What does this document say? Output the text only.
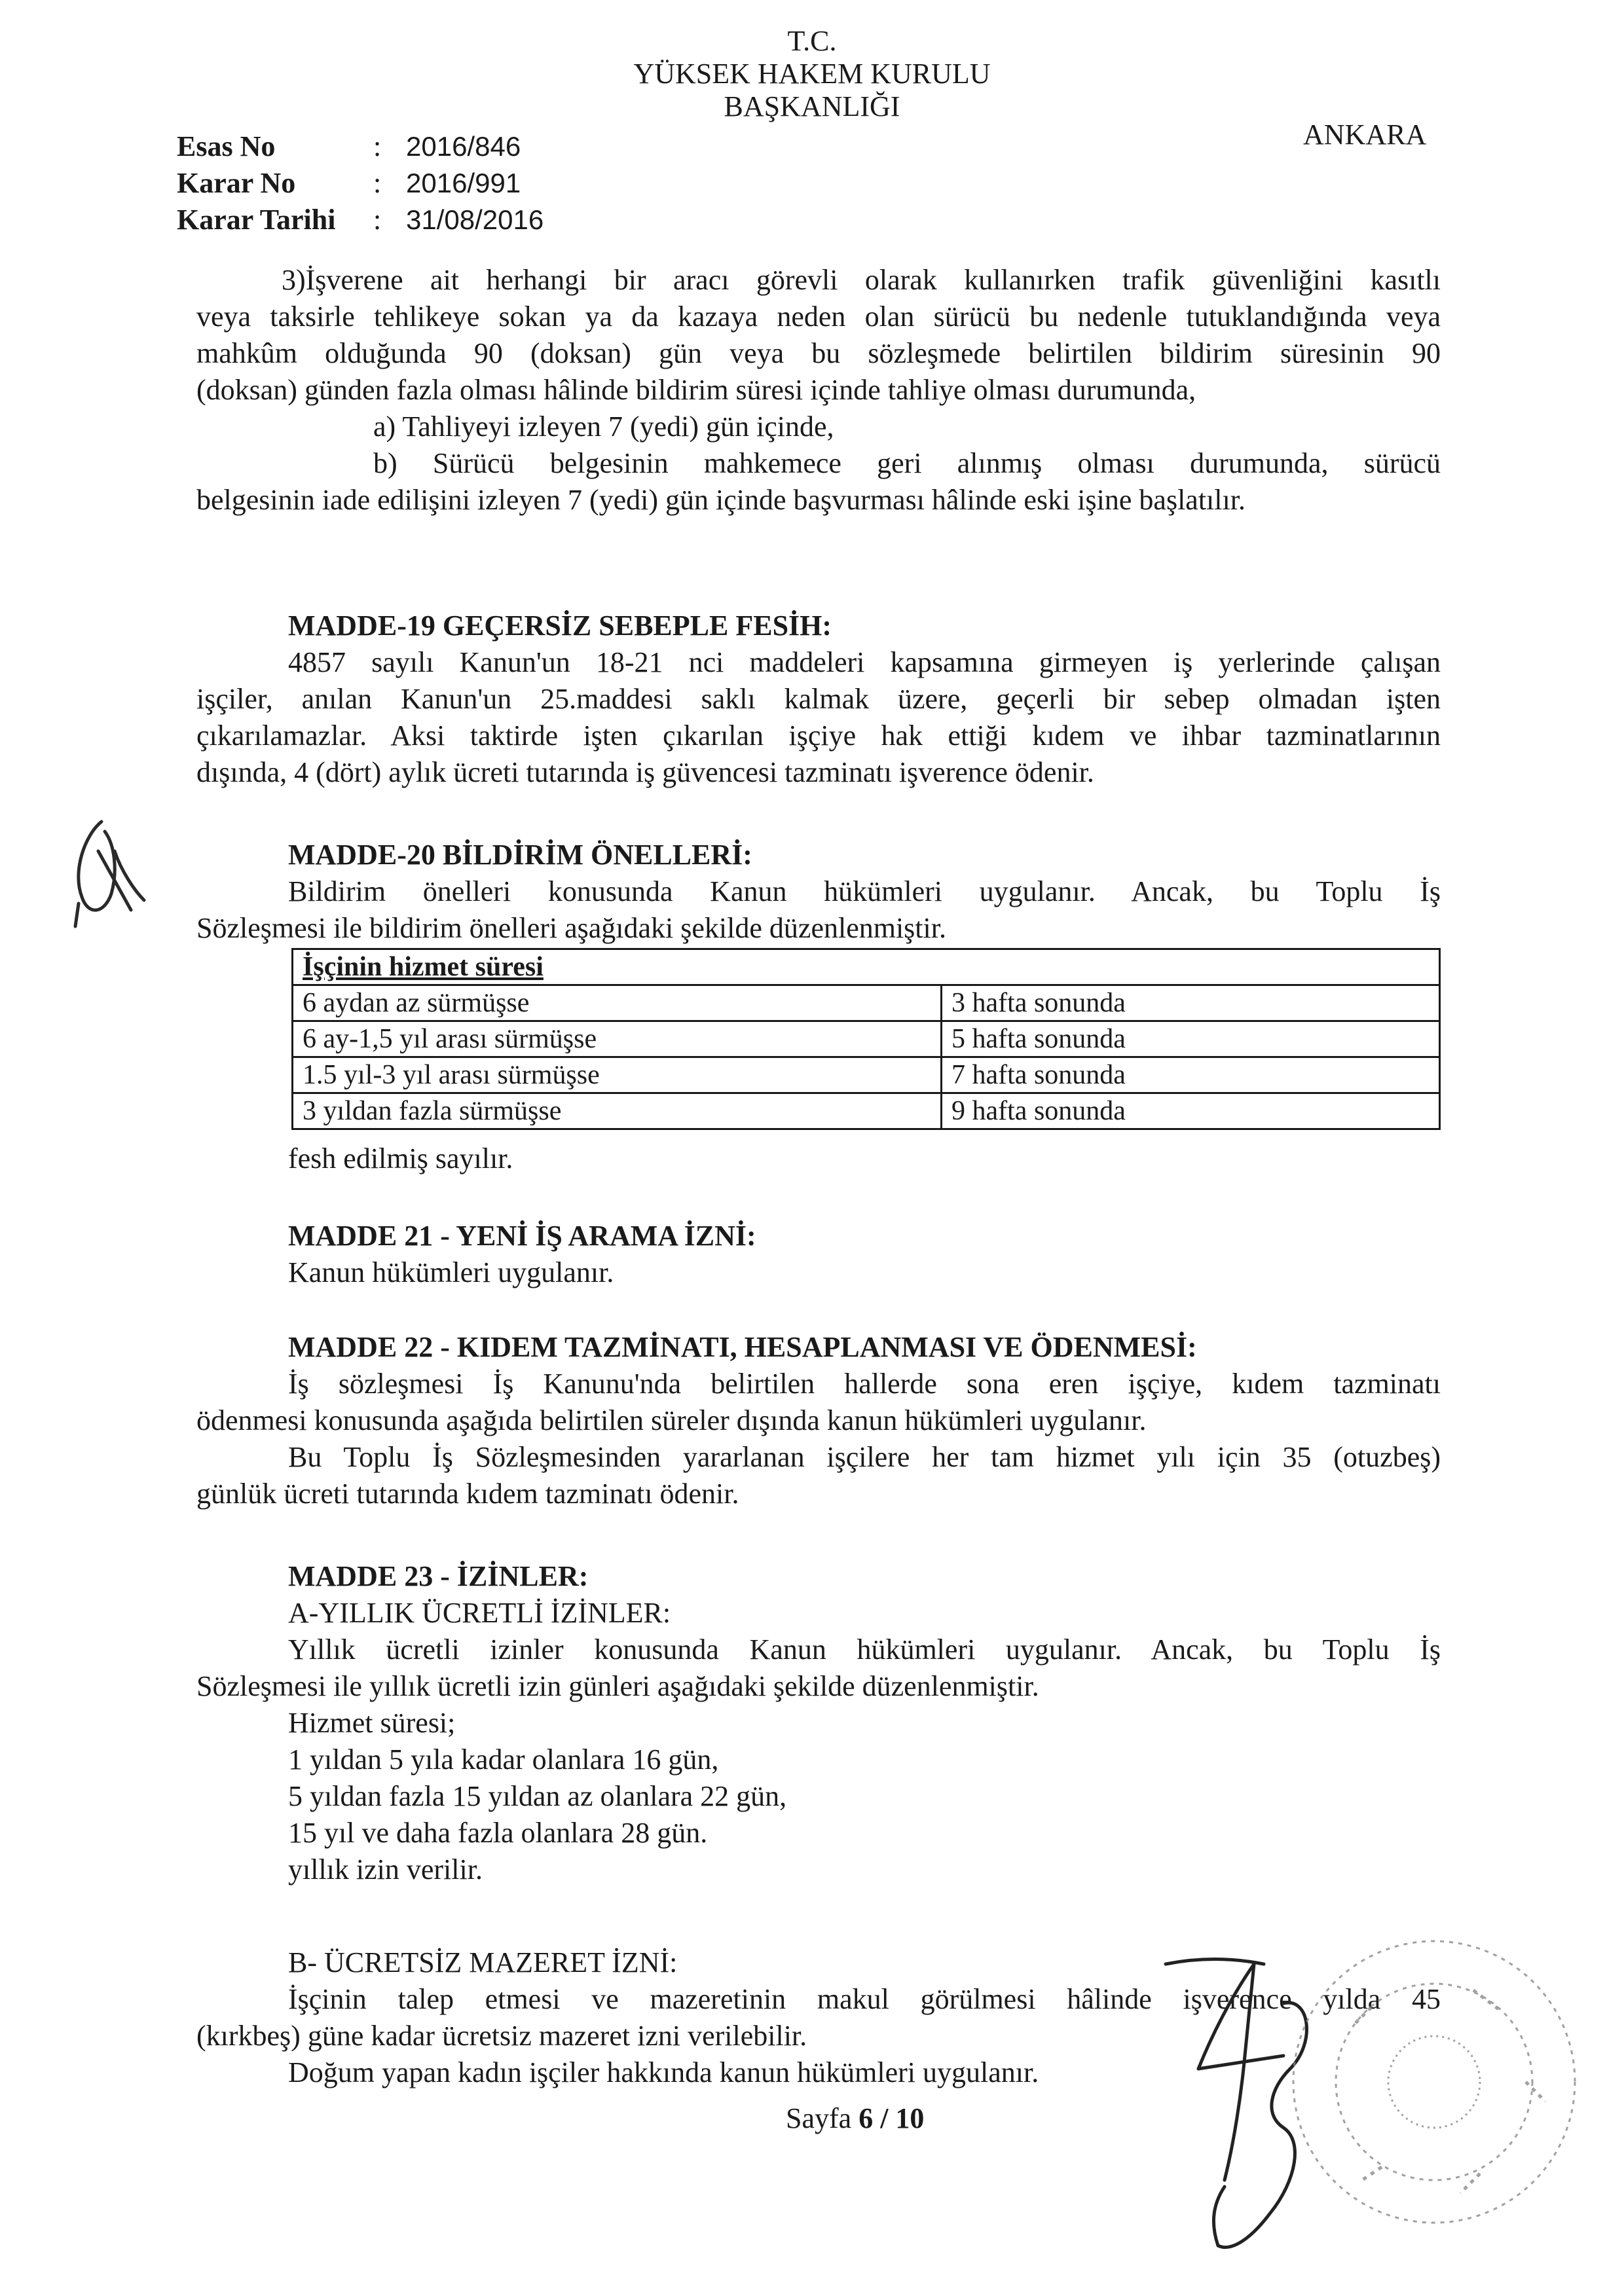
T.C.
YÜKSEK HAKEM KURULU
BAŞKANLIĞI
ANKARA
Esas No	: 2016/846
Karar No	: 2016/991
Karar Tarihi	: 31/08/2016
3)İşverene ait herhangi bir aracı görevli olarak kullanırken trafik güvenliğini kasıtlı
veya taksirle tehlikeye sokan ya da kazaya neden olan sürücü bu nedenle tutuklandığında veya
mahkûm olduğunda 90 (doksan) gün veya bu sözleşmede belirtilen bildirim süresinin 90
(doksan) günden fazla olması hâlinde bildirim süresi içinde tahliye olması durumunda,
a) Tahliyeyi izleyen 7 (yedi) gün içinde,
b) Sürücü belgesinin mahkemece geri alınmış olması durumunda, sürücü
belgesinin iade edilişini izleyen 7 (yedi) gün içinde başvurması hâlinde eski işine başlatılır.
MADDE-19 GEÇERSİZ SEBEPLE FESİH:
4857 sayılı Kanun'un 18-21 nci maddeleri kapsamına girmeyen iş yerlerinde çalışan
işçiler, anılan Kanun'un 25.maddesi saklı kalmak üzere, geçerli bir sebep olmadan işten
çıkarılamazlar. Aksi taktirde işten çıkarılan işçiye hak ettiği kıdem ve ihbar tazminatlarının
dışında, 4 (dört) aylık ücreti tutarında iş güvencesi tazminatı işverence ödenir.
MADDE-20 BİLDİRİM ÖNELLERİ:
Bildirim önelleri konusunda Kanun hükümleri uygulanır. Ancak, bu Toplu İş
Sözleşmesi ile bildirim önelleri aşağıdaki şekilde düzenlenmiştir.
İşçinin hizmet süresi	
6 aydan az sürmüşse	3 hafta sonunda
6 ay-1,5 yıl arası sürmüşse	5 hafta sonunda
1.5 yıl-3 yıl arası sürmüşse	7 hafta sonunda
3 yıldan fazla sürmüşse	9 hafta sonunda
fesh edilmiş sayılır.
MADDE 21 - YENİ İŞ ARAMA İZNİ:
Kanun hükümleri uygulanır.
MADDE 22 - KIDEM TAZMİNATI, HESAPLANMASI VE ÖDENMESİ:
İş sözleşmesi İş Kanunu'nda belirtilen hallerde sona eren işçiye, kıdem tazminatı
ödenmesi konusunda aşağıda belirtilen süreler dışında kanun hükümleri uygulanır.
Bu Toplu İş Sözleşmesinden yararlanan işçilere her tam hizmet yılı için 35 (otuzbeş)
günlük ücreti tutarında kıdem tazminatı ödenir.
MADDE 23 - İZİNLER:
A-YILLIK ÜCRETLİ İZİNLER:
Yıllık ücretli izinler konusunda Kanun hükümleri uygulanır. Ancak, bu Toplu İş
Sözleşmesi ile yıllık ücretli izin günleri aşağıdaki şekilde düzenlenmiştir.
Hizmet süresi;
1 yıldan 5 yıla kadar olanlara 16 gün,
5 yıldan fazla 15 yıldan az olanlara 22 gün,
15 yıl ve daha fazla olanlara 28 gün.
yıllık izin verilir.
B- ÜCRETSİZ MAZERET İZNİ:
İşçinin talep etmesi ve mazeretinin makul görülmesi hâlinde işverence yılda 45
(kırkbeş) güne kadar ücretsiz mazeret izni verilebilir.
Doğum yapan kadın işçiler hakkında kanun hükümleri uygulanır.
Sayfa 6 / 10
